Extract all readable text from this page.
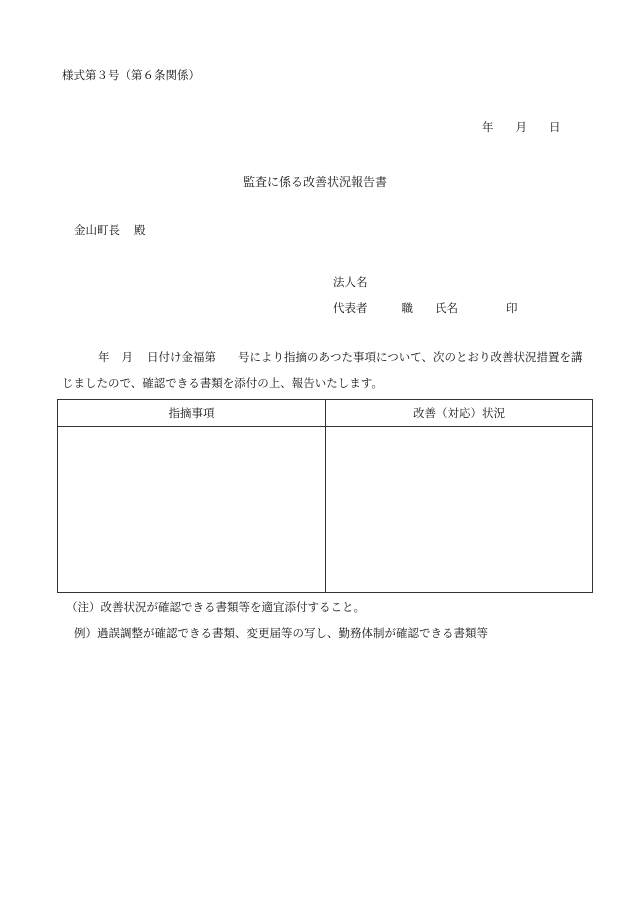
様式第３号（第６条関係）
年 月 日
監査に係る改善状況報告書
金山町長 殿
法人名
代表者	職 氏名	印
年 月 日付け金福第 号により指摘のあつた事項について、次のとおり改善状況措置を講
じましたので、確認できる書類を添付の上、報告いたします。
指摘事項	改善（対応）状況
（注）改善状況が確認できる書類等を適宜添付すること。
例）過誤調整が確認できる書類、変更届等の写し、勤務体制が確認できる書類等
